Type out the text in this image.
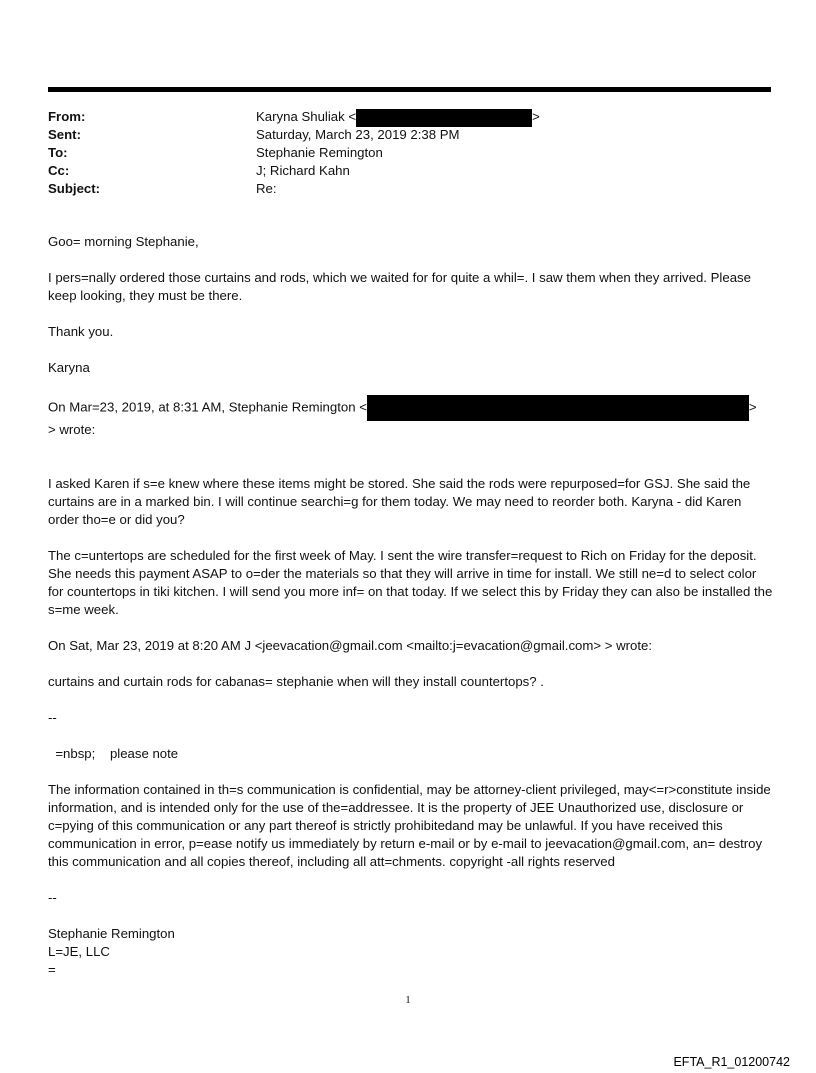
From:	Karyna Shuliak <	>
Sent:	Saturday, March 23, 2019 2:38 PM
To:	Stephanie Remington
Cc:	J; Richard Kahn
Subject:	Re:

Goo= morning Stephanie,

I pers=nally ordered those curtains and rods, which we waited for for quite a whil=. I saw them when they arrived. Please keep looking, they must be there.

Thank you.

Karyna

On Mar=23, 2019, at 8:31 AM, Stephanie Remington <	>

> wrote:

I asked Karen if s=e knew where these items might be stored. She said the rods were repurposed=for GSJ. She said the curtains are in a marked bin. I will continue searchi=g for them today. We may need to reorder both. Karyna - did Karen order tho=e or did you?

The c=untertops are scheduled for the first week of May. I sent the wire transfer=request to Rich on Friday for the deposit. She needs this payment ASAP to o=der the materials so that they will arrive in time for install. We still ne=d to select color for countertops in tiki kitchen. I will send you more inf= on that today. If we select this by Friday they can also be installed the s=me week.

On Sat, Mar 23, 2019 at 8:20 AM J <jeevacation@gmail.com <mailto:j=evacation@gmail.com> > wrote:

curtains and curtain rods for cabanas= stephanie when will they install countertops? .

--

=nbsp;    please note

The information contained in th=s communication is confidential, may be attorney-client privileged, may<=r>constitute inside information, and is intended only for the use of the=addressee. It is the property of JEE Unauthorized use, disclosure or c=pying of this communication or any part thereof is strictly prohibitedand may be unlawful. If you have received this communication in error, p=ease notify us immediately by return e-mail or by e-mail to jeevacation@gmail.com, an= destroy this communication and all copies thereof, including all att=chments. copyright -all rights reserved

--

Stephanie Remington

L=JE, LLC

=

1
EFTA_R1_01200742
